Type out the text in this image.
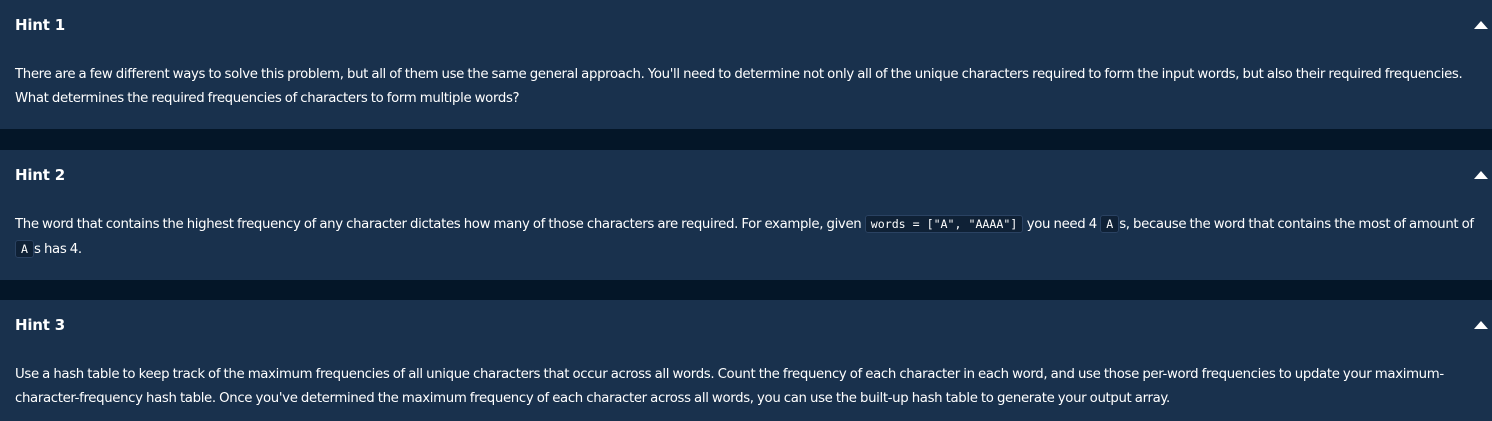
Hint 1
There are a few different ways to solve this problem, but all of them use the same general approach. You'll need to determine not only all of the unique characters required to form the input words, but also their required frequencies. What determines the required frequencies of characters to form multiple words?
Hint 2
The word that contains the highest frequency of any character dictates how many of those characters are required. For example, given words = ["A", "AAAA"] you need 4 A s, because the word that contains the most of amount of A s has 4.
Hint 3
Use a hash table to keep track of the maximum frequencies of all unique characters that occur across all words. Count the frequency of each character in each word, and use those per-word frequencies to update your maximum-character-frequency hash table. Once you've determined the maximum frequency of each character across all words, you can use the built-up hash table to generate your output array.
